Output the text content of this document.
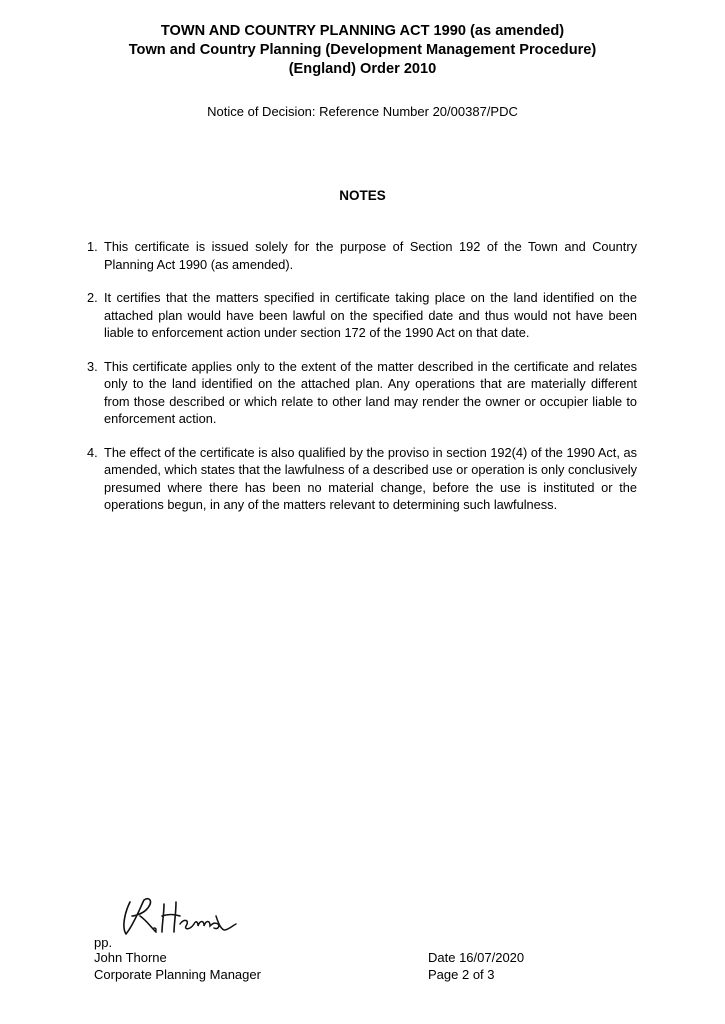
TOWN AND COUNTRY PLANNING ACT 1990 (as amended)
Town and Country Planning (Development Management Procedure)
(England) Order 2010
Notice of Decision: Reference Number 20/00387/PDC
NOTES
1. This certificate is issued solely for the purpose of Section 192 of the Town and Country Planning Act 1990 (as amended).
2. It certifies that the matters specified in certificate taking place on the land identified on the attached plan would have been lawful on the specified date and thus would not have been liable to enforcement action under section 172 of the 1990 Act on that date.
3. This certificate applies only to the extent of the matter described in the certificate and relates only to the land identified on the attached plan. Any operations that are materially different from those described or which relate to other land may render the owner or occupier liable to enforcement action.
4. The effect of the certificate is also qualified by the proviso in section 192(4) of the 1990 Act, as amended, which states that the lawfulness of a described use or operation is only conclusively presumed where there has been no material change, before the use is instituted or the operations begun, in any of the matters relevant to determining such lawfulness.
pp.
John Thorne
Corporate Planning Manager
Date 16/07/2020
Page 2 of 3
